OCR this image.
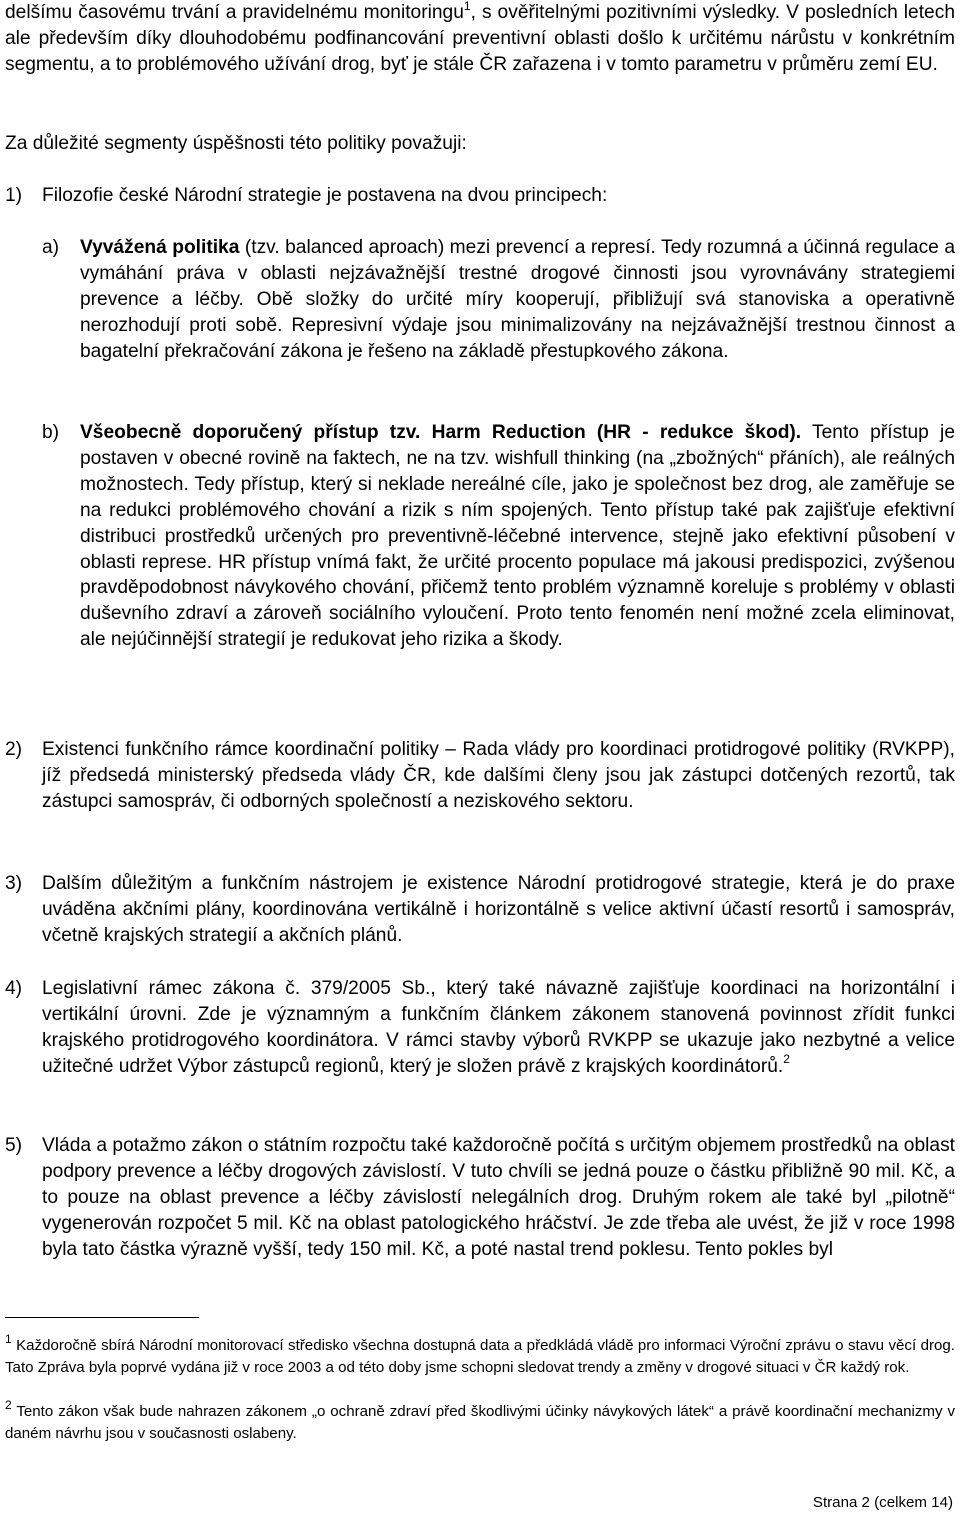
delšímu časovému trvání a pravidelnému monitoringu$^1$, s ověřitelnými pozitivními výsledky. V posledních letech ale především díky dlouhodobému podfinancování preventivní oblasti došlo k určitému nárůstu v konkrétním segmentu, a to problémového užívání drog, byť je stále ČR zařazena i v tomto parametru v průměru zemí EU.

Za důležité segmenty úspěšnosti této politiky považuji:

1) Filozofie české Národní strategie je postavena na dvou principech:

a) Vyvážená politika (tzv. balanced aproach) mezi prevencí a represí. Tedy rozumná a účinná regulace a vymáhání práva v oblasti nejzávažnější trestné drogové činnosti jsou vyrovnávány strategiemi prevence a léčby. Obě složky do určité míry kooperují, přibližují svá stanoviska a operativně nerozhodují proti sobě. Represivní výdaje jsou minimalizovány na nejzávažnější trestnou činnost a bagatelní překračování zákona je řešeno na základě přestupkového zákona.

b) Všeobecně doporučený přístup tzv. Harm Reduction (HR - redukce škod). Tento přístup je postaven v obecné rovině na faktech, ne na tzv. wishfull thinking (na „zbožných“ přáních), ale reálných možnostech. Tedy přístup, který si neklade nereálné cíle, jako je společnost bez drog, ale zaměřuje se na redukci problémového chování a rizik s ním spojených. Tento přístup také pak zajišťuje efektivní distribuci prostředků určených pro preventivně-léčebné intervence, stejně jako efektivní působení v oblasti represe. HR přístup vnímá fakt, že určité procento populace má jakousi predispozici, zvýšenou pravděpodobnost návykového chování, přičemž tento problém významně koreluje s problémy v oblasti duševního zdraví a zároveň sociálního vyloučení. Proto tento fenomén není možné zcela eliminovat, ale nejúčinnější strategií je redukovat jeho rizika a škody.

2) Existenci funkčního rámce koordinační politiky – Rada vlády pro koordinaci protidrogové politiky (RVKPP), jíž předsedá ministerský předseda vlády ČR, kde dalšími členy jsou jak zástupci dotčených rezortů, tak zástupci samospráv, či odborných společností a neziskového sektoru.

3) Dalším důležitým a funkčním nástrojem je existence Národní protidrogové strategie, která je do praxe uváděna akčními plány, koordinována vertikálně i horizontálně s velice aktivní účastí resortů i samospráv, včetně krajských strategií a akčních plánů.

4) Legislativní rámec zákona č. 379/2005 Sb., který také návazně zajišťuje koordinaci na horizontální i vertikální úrovni. Zde je významným a funkčním článkem zákonem stanovená povinnost zřídit funkci krajského protidrogového koordinátora. V rámci stavby výborů RVKPP se ukazuje jako nezbytné a velice užitečné udržet Výbor zástupců regionů, který je složen právě z krajských koordinátorů.$^2$

5) Vláda a potažmo zákon o státním rozpočtu také každoročně počítá s určitým objemem prostředků na oblast podpory prevence a léčby drogových závislostí. V tuto chvíli se jedná pouze o částku přibližně 90 mil. Kč, a to pouze na oblast prevence a léčby závislostí nelegálních drog. Druhým rokem ale také byl „pilotně“ vygenerován rozpočet 5 mil. Kč na oblast patologického hráčství. Je zde třeba ale uvést, že již v roce 1998 byla tato částka výrazně vyšší, tedy 150 mil. Kč, a poté nastal trend poklesu. Tento pokles byl

$^1$ Každoročně sbírá Národní monitorovací středisko všechna dostupná data a předkládá vládě pro informaci Výroční zprávu o stavu věcí drog. Tato Zpráva byla poprvé vydána již v roce 2003 a od této doby jsme schopni sledovat trendy a změny v drogové situaci v ČR každý rok.

$^2$ Tento zákon však bude nahrazen zákonem „o ochraně zdraví před škodlivými účinky návykových látek“ a právě koordinační mechanizmy v daném návrhu jsou v současnosti oslabeny.

Strana 2 (celkem 14)
